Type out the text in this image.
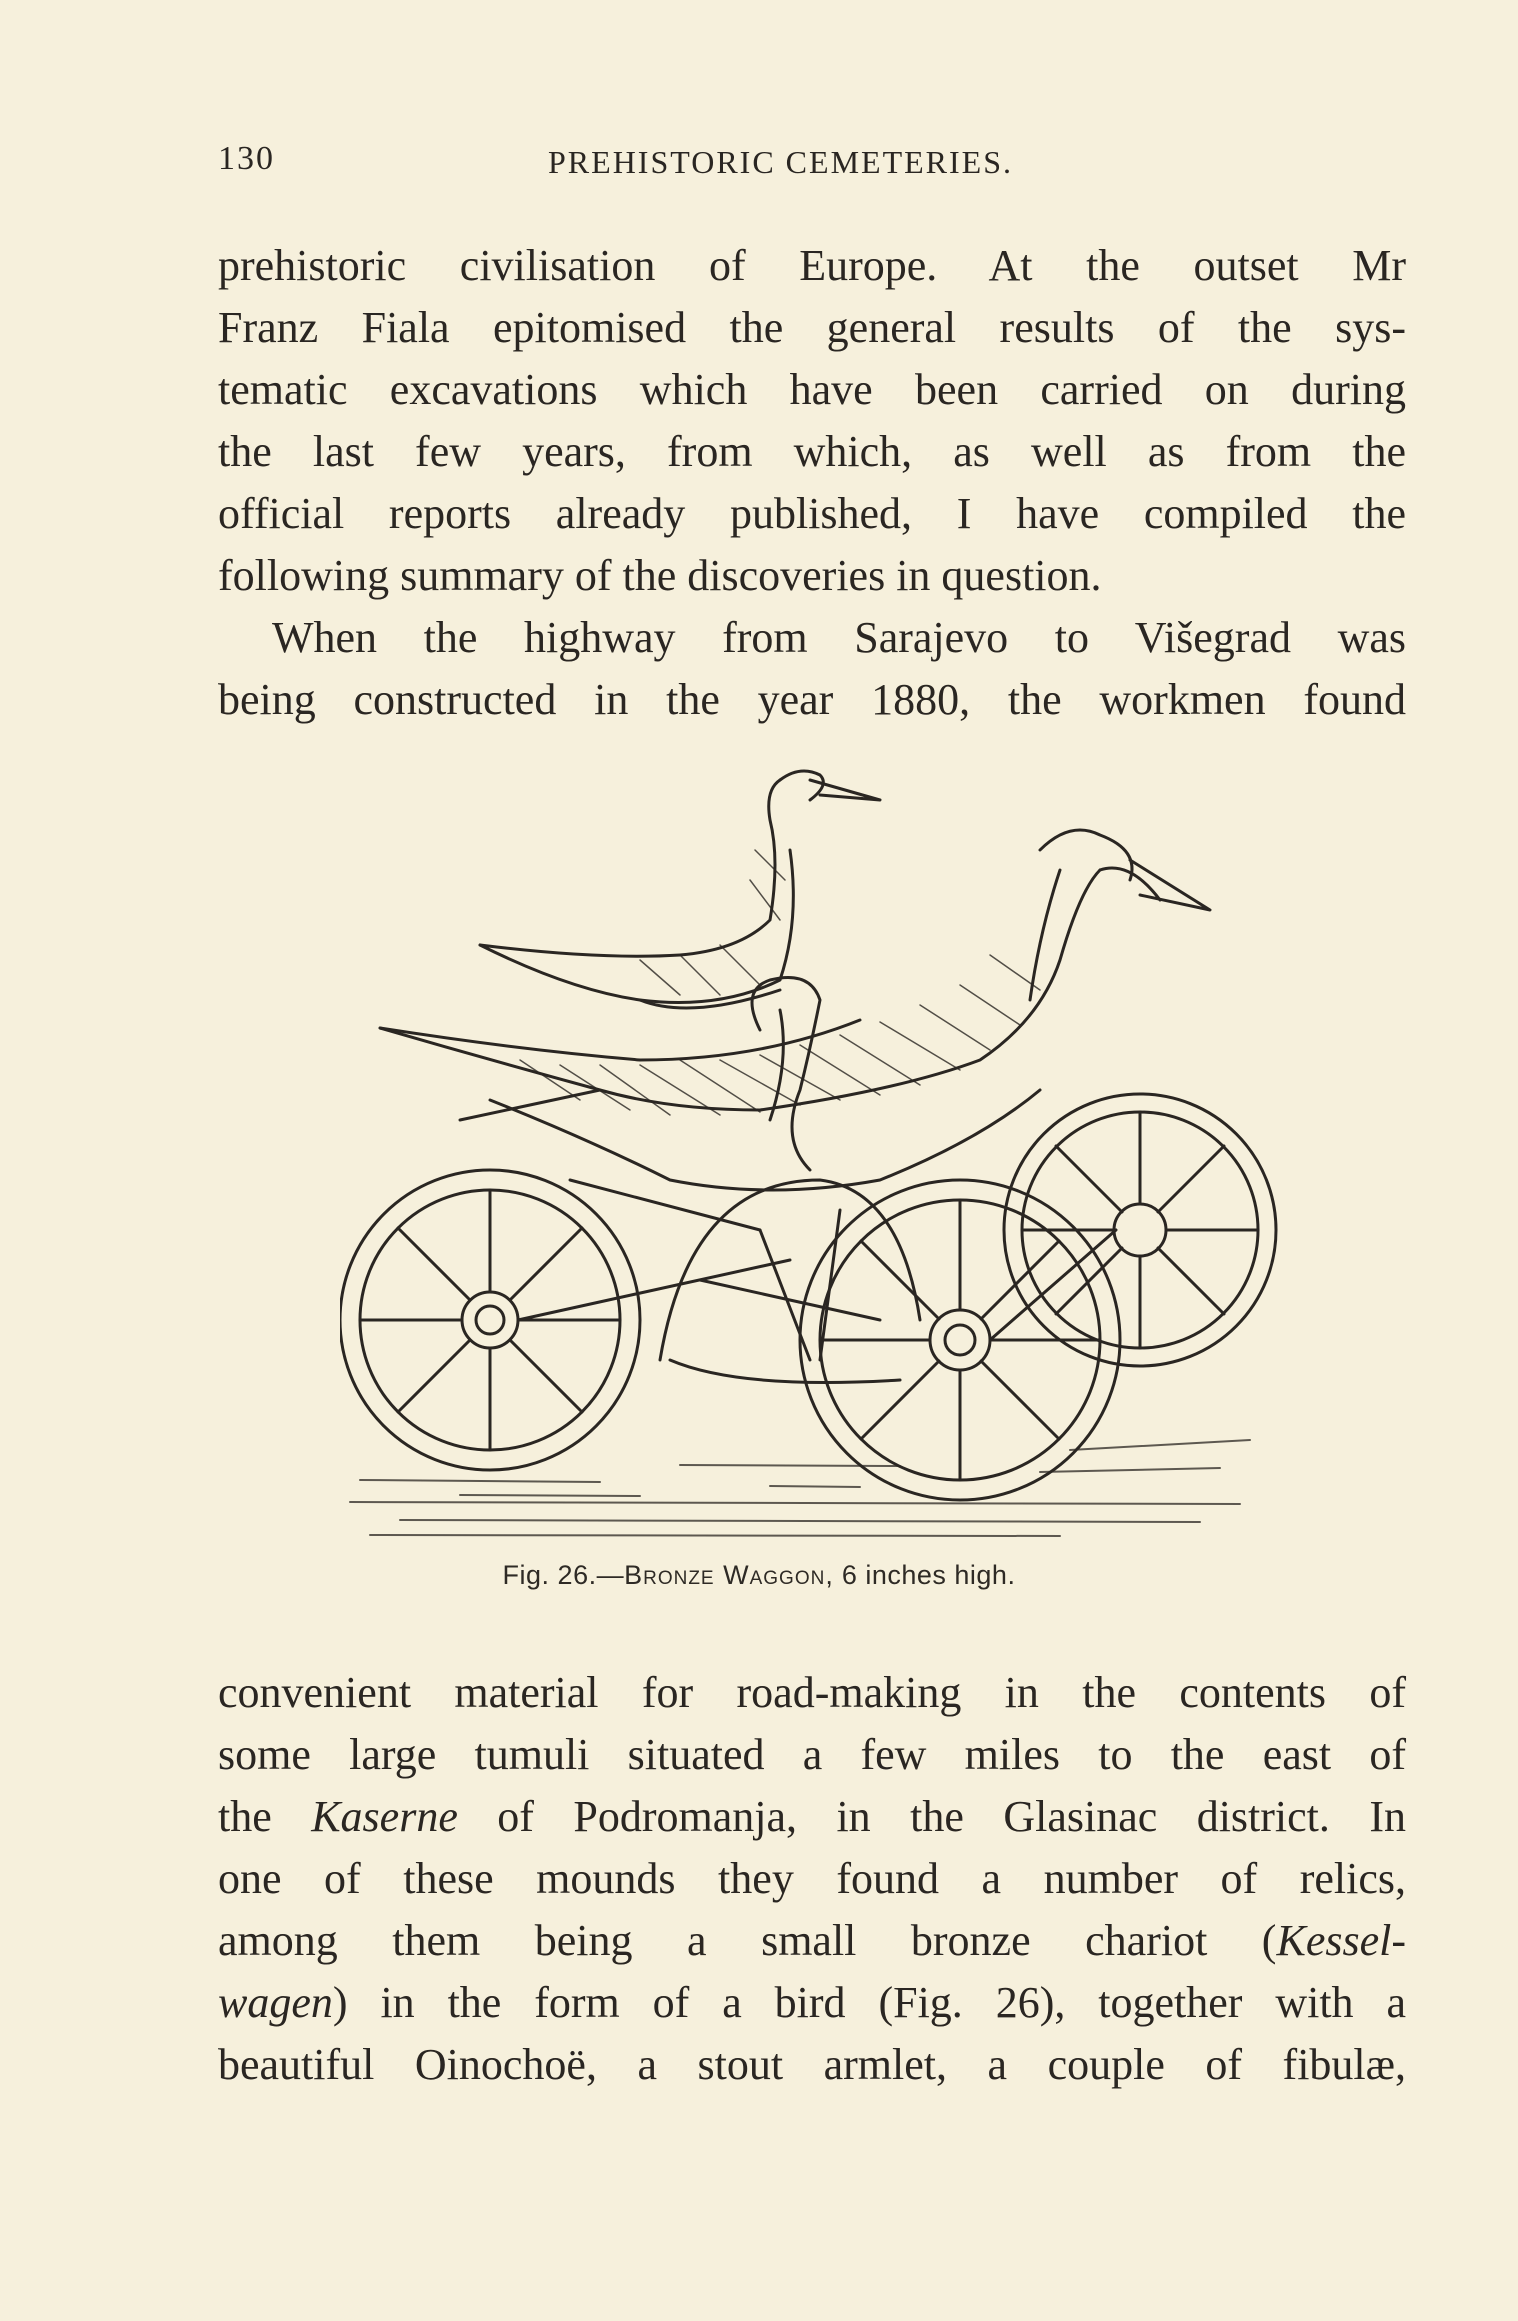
130	PREHISTORIC CEMETERIES.
prehistoric civilisation of Europe. At the outset Mr
Franz Fiala epitomised the general results of the sys-
tematic excavations which have been carried on during
the last few years, from which, as well as from the
official reports already published, I have compiled the
following summary of the discoveries in question.
When the highway from Sarajevo to Višegrad was
being constructed in the year 1880, the workmen found
Fig. 26.—Bronze Waggon, 6 inches high.
convenient material for road-making in the contents of
some large tumuli situated a few miles to the east of
the Kaserne of Podromanja, in the Glasinac district. In
one of these mounds they found a number of relics,
among them being a small bronze chariot (Kessel-
wagen) in the form of a bird (Fig. 26), together with a
beautiful Oinochoë, a stout armlet, a couple of fibulæ,
